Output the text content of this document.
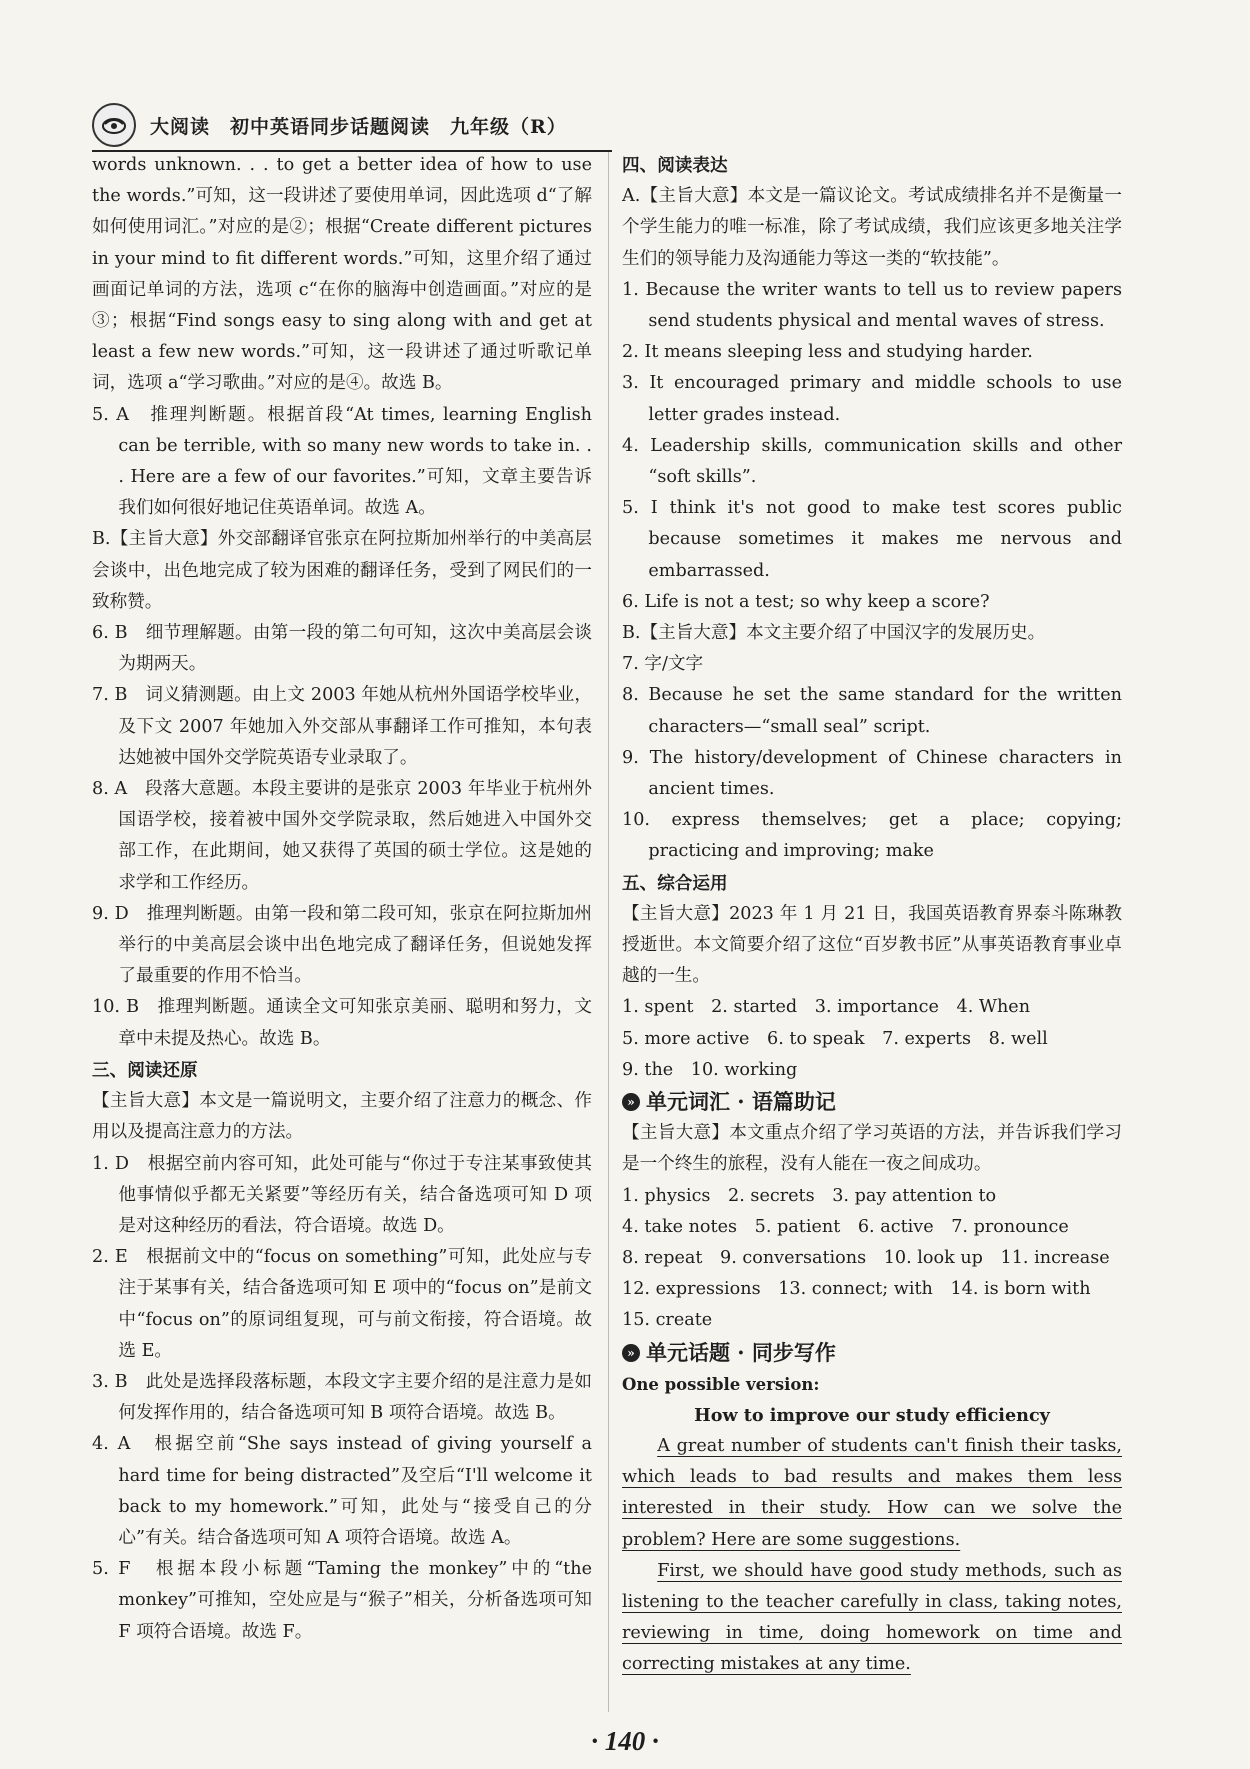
大阅读　初中英语同步话题阅读　九年级（R）

words unknown. . . to get a better idea of how to use the words.”可知，这一段讲述了要使用单词，因此选项 d“了解如何使用词汇。”对应的是②；根据“Create different pictures in your mind to fit different words.”可知，这里介绍了通过画面记单词的方法，选项 c“在你的脑海中创造画面。”对应的是③；根据“Find songs easy to sing along with and get at least a few new words.”可知，这一段讲述了通过听歌记单词，选项 a“学习歌曲。”对应的是④。故选 B。

5. A　推理判断题。根据首段“At times, learning English can be terrible, with so many new words to take in. . . Here are a few of our favorites.”可知，文章主要告诉我们如何很好地记住英语单词。故选 A。

B.【主旨大意】外交部翻译官张京在阿拉斯加州举行的中美高层会谈中，出色地完成了较为困难的翻译任务，受到了网民们的一致称赞。

6. B　细节理解题。由第一段的第二句可知，这次中美高层会谈为期两天。

7. B　词义猜测题。由上文 2003 年她从杭州外国语学校毕业，及下文 2007 年她加入外交部从事翻译工作可推知，本句表达她被中国外交学院英语专业录取了。

8. A　段落大意题。本段主要讲的是张京 2003 年毕业于杭州外国语学校，接着被中国外交学院录取，然后她进入中国外交部工作，在此期间，她又获得了英国的硕士学位。这是她的求学和工作经历。

9. D　推理判断题。由第一段和第二段可知，张京在阿拉斯加州举行的中美高层会谈中出色地完成了翻译任务，但说她发挥了最重要的作用不恰当。

10. B　推理判断题。通读全文可知张京美丽、聪明和努力，文章中未提及热心。故选 B。

三、阅读还原

【主旨大意】本文是一篇说明文，主要介绍了注意力的概念、作用以及提高注意力的方法。

1. D　根据空前内容可知，此处可能与“你过于专注某事致使其他事情似乎都无关紧要”等经历有关，结合备选项可知 D 项是对这种经历的看法，符合语境。故选 D。

2. E　根据前文中的“focus on something”可知，此处应与专注于某事有关，结合备选项可知 E 项中的“focus on”是前文中“focus on”的原词组复现，可与前文衔接，符合语境。故选 E。

3. B　此处是选择段落标题，本段文字主要介绍的是注意力是如何发挥作用的，结合备选项可知 B 项符合语境。故选 B。

4. A　根据空前“She says instead of giving yourself a hard time for being distracted”及空后“I'll welcome it back to my homework.”可知，此处与“接受自己的分心”有关。结合备选项可知 A 项符合语境。故选 A。

5. F　根据本段小标题“Taming the monkey”中的“the monkey”可推知，空处应是与“猴子”相关，分析备选项可知 F 项符合语境。故选 F。

四、阅读表达

A.【主旨大意】本文是一篇议论文。考试成绩排名并不是衡量一个学生能力的唯一标准，除了考试成绩，我们应该更多地关注学生们的领导能力及沟通能力等这一类的“软技能”。

1. Because the writer wants to tell us to review papers send students physical and mental waves of stress.

2. It means sleeping less and studying harder.

3. It encouraged primary and middle schools to use letter grades instead.

4. Leadership skills, communication skills and other “soft skills”.

5. I think it's not good to make test scores public because sometimes it makes me nervous and embarrassed.

6. Life is not a test; so why keep a score?

B.【主旨大意】本文主要介绍了中国汉字的发展历史。

7. 字/文字

8. Because he set the same standard for the written characters—“small seal” script.

9. The history/development of Chinese characters in ancient times.

10. express themselves; get a place; copying; practicing and improving; make

五、综合运用

【主旨大意】2023 年 1 月 21 日，我国英语教育界泰斗陈琳教授逝世。本文简要介绍了这位“百岁教书匠”从事英语教育事业卓越的一生。

1. spent　2. started　3. importance　4. When

5. more active　6. to speak　7. experts　8. well

9. the　10. working

» 单元词汇 · 语篇助记

【主旨大意】本文重点介绍了学习英语的方法，并告诉我们学习是一个终生的旅程，没有人能在一夜之间成功。

1. physics　2. secrets　3. pay attention to

4. take notes　5. patient　6. active　7. pronounce

8. repeat　9. conversations　10. look up　11. increase

12. expressions　13. connect; with　14. is born with

15. create

» 单元话题 · 同步写作

One possible version:

How to improve our study efficiency

A great number of students can't finish their tasks, which leads to bad results and makes them less interested in their study. How can we solve the problem? Here are some suggestions.

First, we should have good study methods, such as listening to the teacher carefully in class, taking notes, reviewing in time, doing homework on time and correcting mistakes at any time.

· 140 ·
